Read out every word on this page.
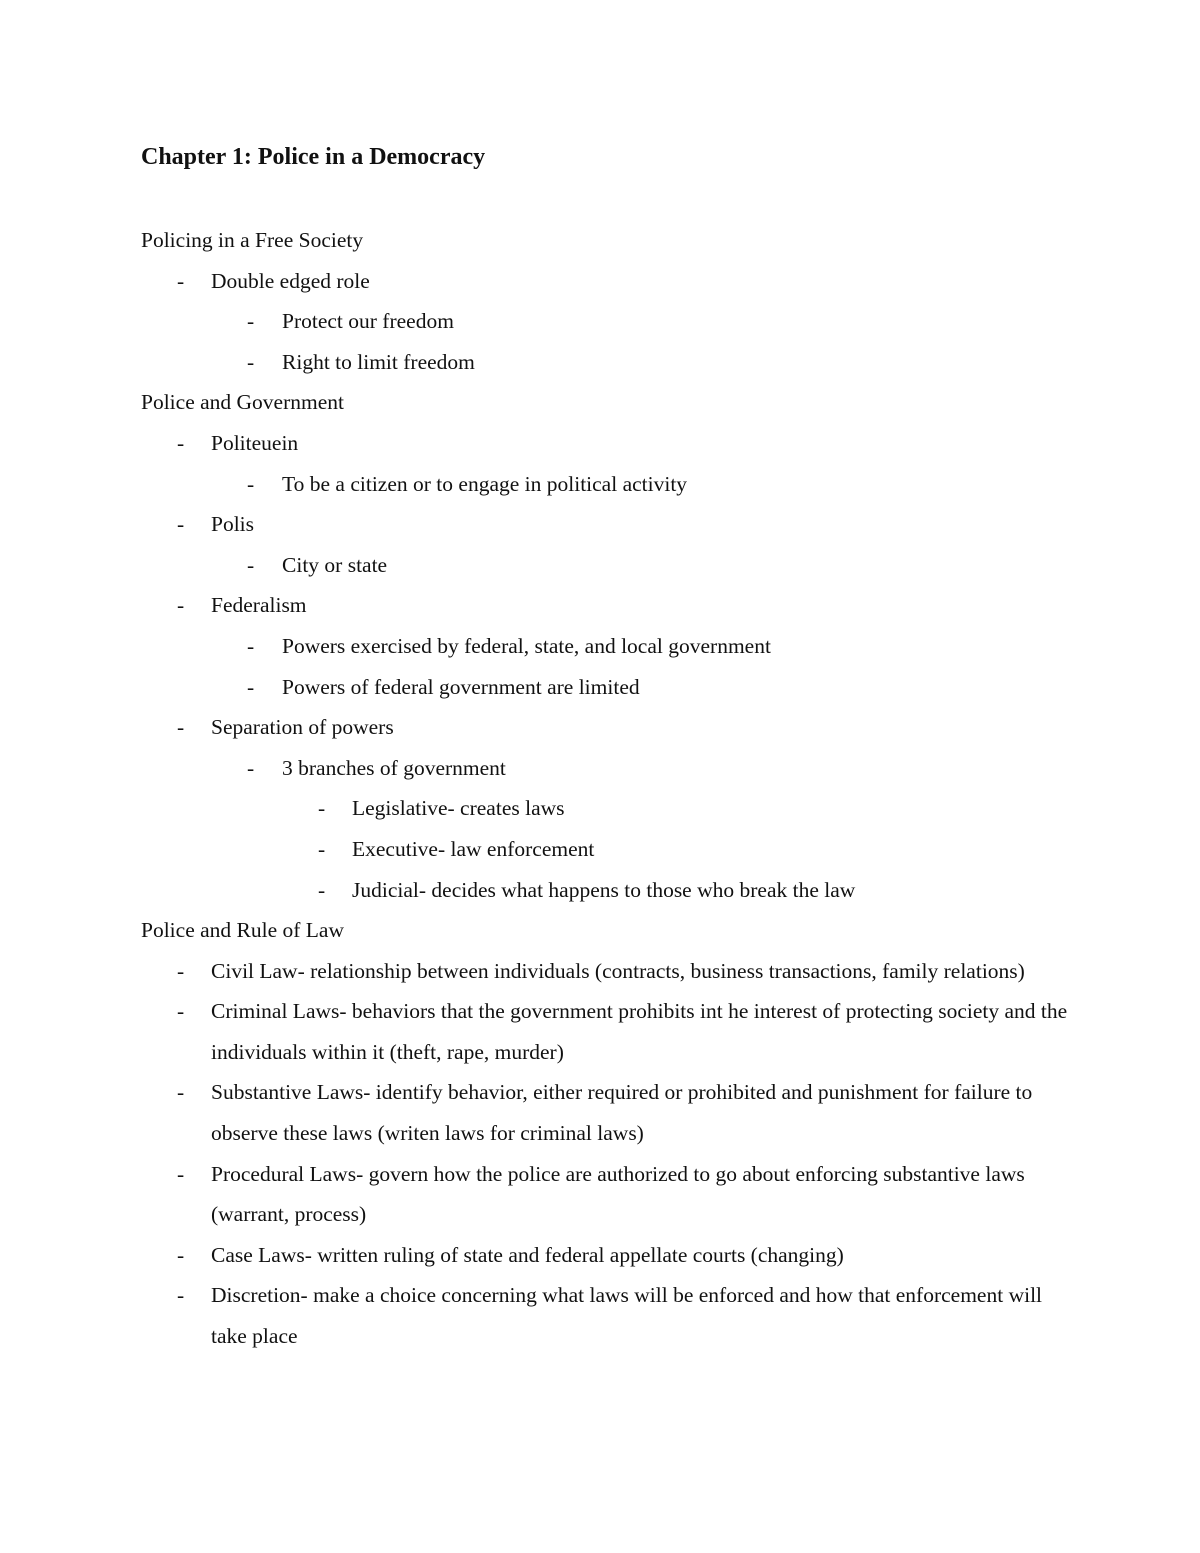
Chapter 1: Police in a Democracy

Policing in a Free Society

- Double edged role
- Protect our freedom
- Right to limit freedom

Police and Government

- Politeuein
- To be a citizen or to engage in political activity
- Polis
- City or state
- Federalism
- Powers exercised by federal, state, and local government
- Powers of federal government are limited
- Separation of powers
- 3 branches of government
- Legislative- creates laws
- Executive- law enforcement
- Judicial- decides what happens to those who break the law

Police and Rule of Law

- Civil Law- relationship between individuals (contracts, business transactions, family relations)
- Criminal Laws- behaviors that the government prohibits int he interest of protecting society and the individuals within it (theft, rape, murder)
- Substantive Laws- identify behavior, either required or prohibited and punishment for failure to observe these laws (writen laws for criminal laws)
- Procedural Laws- govern how the police are authorized to go about enforcing substantive laws (warrant, process)
- Case Laws- written ruling of state and federal appellate courts (changing)
- Discretion- make a choice concerning what laws will be enforced and how that enforcement will take place
